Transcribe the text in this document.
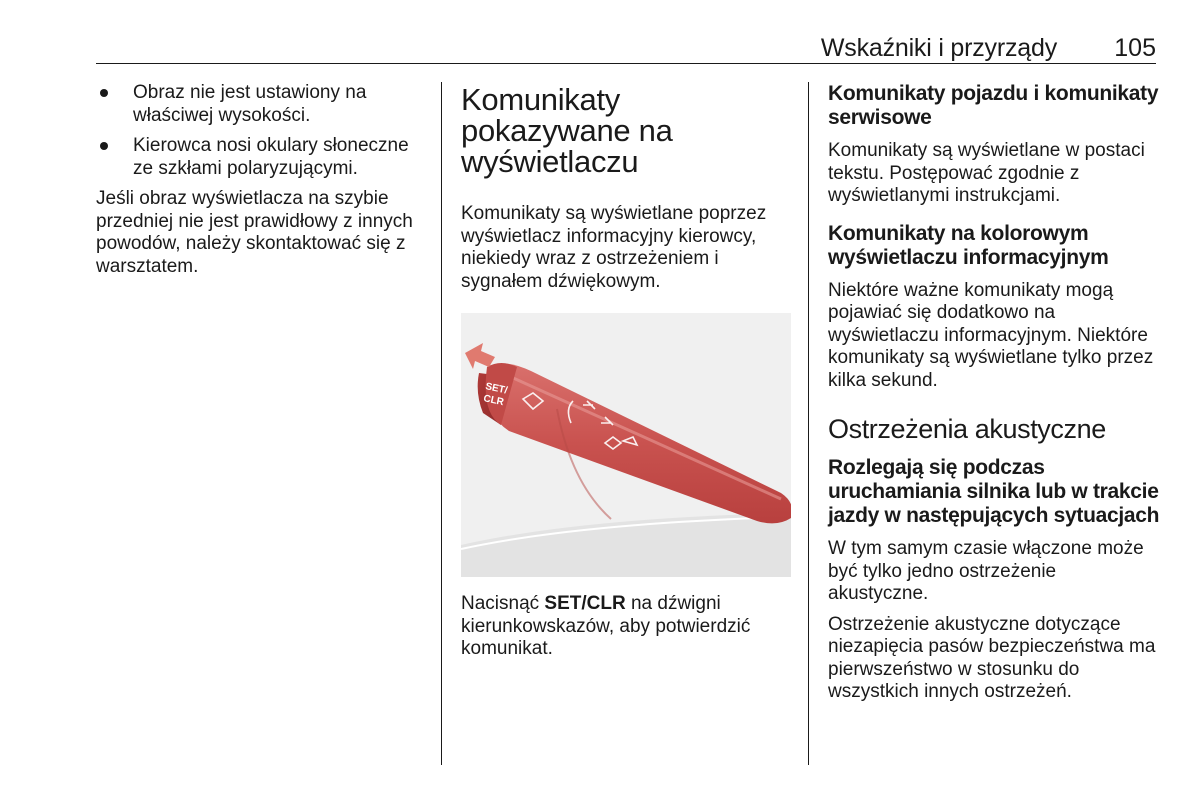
Wskaźniki i przyrządy 105
Obraz nie jest ustawiony na właściwej wysokości.
Kierowca nosi okulary słoneczne ze szkłami polaryzującymi.

Jeśli obraz wyświetlacza na szybie przedniej nie jest prawidłowy z innych powodów, należy skontaktować się z warsztatem.

Komunikaty pokazywane na wyświetlaczu

Komunikaty są wyświetlane poprzez wyświetlacz informacyjny kierowcy, niekiedy wraz z ostrzeżeniem i sygnałem dźwiękowym.

SET/
CLR

Nacisnąć SET/CLR na dźwigni kierunkowskazów, aby potwierdzić komunikat.

Komunikaty pojazdu i komunikaty serwisowe

Komunikaty są wyświetlane w postaci tekstu. Postępować zgodnie z wyświetlanymi instrukcjami.

Komunikaty na kolorowym wyświetlaczu informacyjnym

Niektóre ważne komunikaty mogą pojawiać się dodatkowo na wyświetlaczu informacyjnym. Niektóre komunikaty są wyświetlane tylko przez kilka sekund.

Ostrzeżenia akustyczne
Rozlegają się podczas uruchamiania silnika lub w trakcie jazdy w następujących sytuacjach

W tym samym czasie włączone może być tylko jedno ostrzeżenie akustyczne.

Ostrzeżenie akustyczne dotyczące niezapięcia pasów bezpieczeństwa ma pierwszeństwo w stosunku do wszystkich innych ostrzeżeń.
